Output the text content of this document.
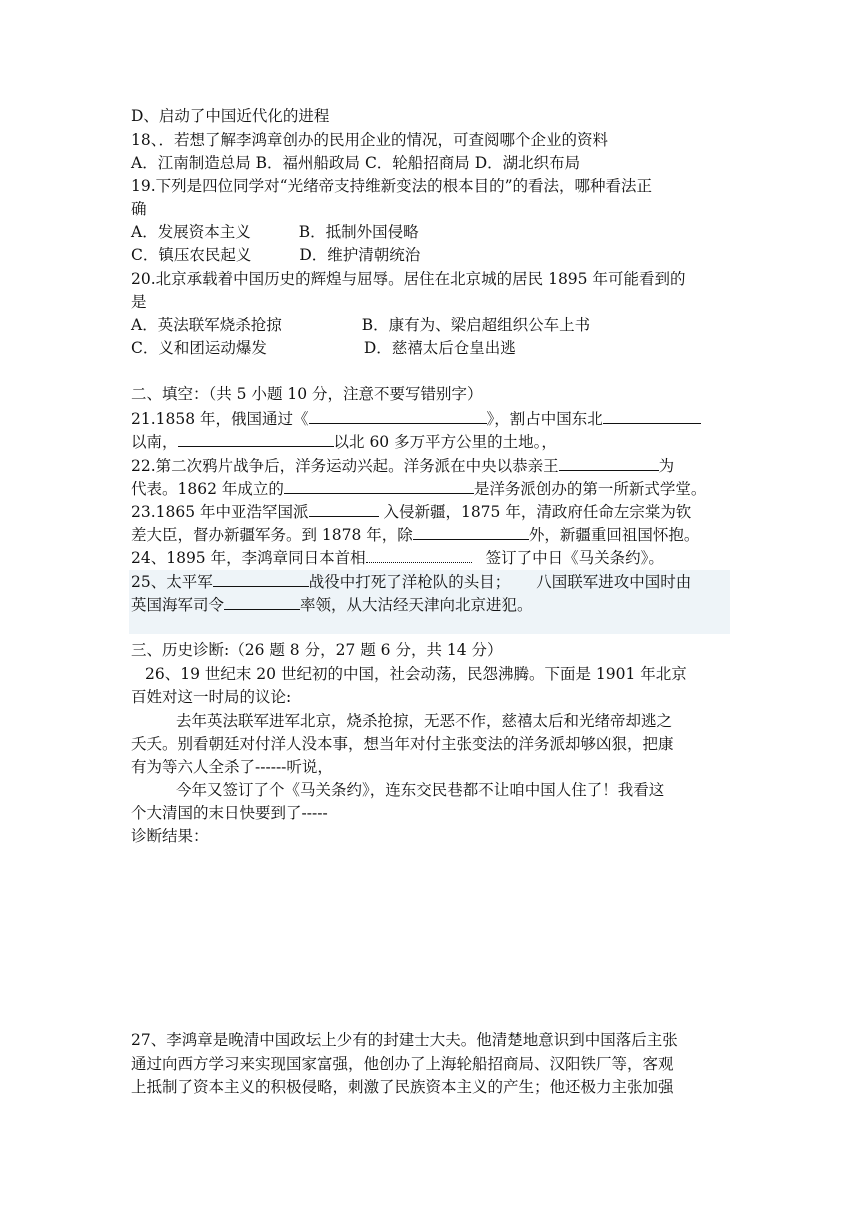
D、启动了中国近代化的进程
18、．若想了解李鸿章创办的民用企业的情况，可查阅哪个企业的资料
A．江南制造总局 B．福州船政局 C．轮船招商局 D．湖北织布局
19.下列是四位同学对“光绪帝支持维新变法的根本目的”的看法，哪种看法正
确
A．发展资本主义	B．抵制外国侵略
C．镇压农民起义	D．维护清朝统治
20.北京承载着中国历史的辉煌与屈辱。居住在北京城的居民 1895 年可能看到的
是
A．英法联军烧杀抢掠	B．康有为、梁启超组织公车上书
C．义和团运动爆发	D．慈禧太后仓皇出逃
二、填空：（共 5 小题 10 分，注意不要写错别字）
21.1858 年，俄国通过《	》，割占中国东北
以南，	以北 60 多万平方公里的土地。，
22.第二次鸦片战争后，洋务运动兴起。洋务派在中央以恭亲王	为
代表。1862 年成立的	是洋务派创办的第一所新式学堂。
23.1865 年中亚浩罕国派	入侵新疆，1875 年，清政府任命左宗棠为钦
差大臣，督办新疆军务。到 1878 年，除	外，新疆重回祖国怀抱。
24、1895 年，李鸿章同日本首相	签订了中日《马关条约》。
25、太平军	战役中打死了洋枪队的头目； 八国联军进攻中国时由
英国海军司令	率领，从大沽经天津向北京进犯。
三、历史诊断:（26 题 8 分，27 题 6 分，共 14 分）
26、19 世纪末 20 世纪初的中国，社会动荡，民怨沸腾。下面是 1901 年北京
百姓对这一时局的议论:
去年英法联军进军北京，烧杀抢掠，无恶不作，慈禧太后和光绪帝却逃之
夭夭。别看朝廷对付洋人没本事，想当年对付主张变法的洋务派却够凶狠，把康
有为等六人全杀了------听说，
今年又签订了个《马关条约》，连东交民巷都不让咱中国人住了！我看这
个大清国的末日快要到了-----
诊断结果：
27、李鸿章是晚清中国政坛上少有的封建士大夫。他清楚地意识到中国落后主张
通过向西方学习来实现国家富强，他创办了上海轮船招商局、汉阳铁厂等，客观
上抵制了资本主义的积极侵略，刺激了民族资本主义的产生；他还极力主张加强
